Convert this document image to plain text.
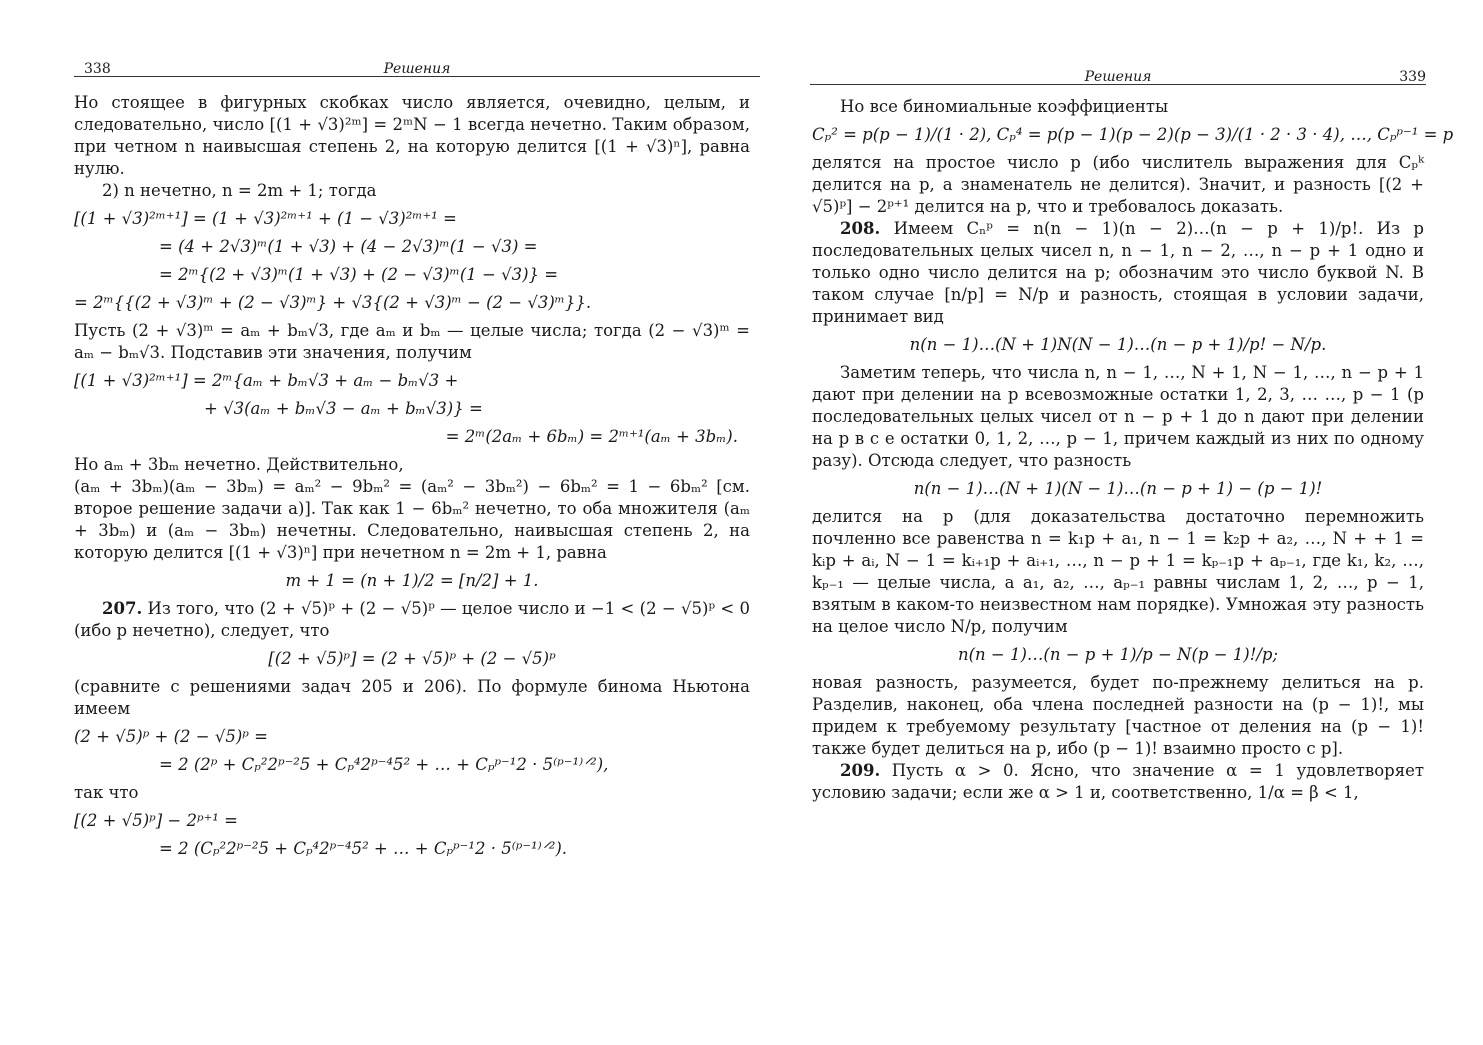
338	Решения

Но стоящее в фигурных скобках число является, очевидно, целым, и следовательно, число [(1 + √3)²ᵐ] = 2ᵐN − 1 всегда нечетно. Таким образом, при четном n наивысшая степень 2, на которую делится [(1 + √3)ⁿ], равна нулю.

2) n нечетно, n = 2m + 1; тогда

[(1 + √3)²ᵐ⁺¹] = (1 + √3)²ᵐ⁺¹ + (1 − √3)²ᵐ⁺¹ =
= (4 + 2√3)ᵐ(1 + √3) + (4 − 2√3)ᵐ(1 − √3) =
= 2ᵐ{(2 + √3)ᵐ(1 + √3) + (2 − √3)ᵐ(1 − √3)} =
= 2ᵐ{{(2 + √3)ᵐ + (2 − √3)ᵐ} + √3{(2 + √3)ᵐ − (2 − √3)ᵐ}}.

Пусть (2 + √3)ᵐ = aₘ + bₘ√3, где aₘ и bₘ — целые числа; тогда (2 − √3)ᵐ = aₘ − bₘ√3. Подставив эти значения, получим

[(1 + √3)²ᵐ⁺¹] = 2ᵐ{aₘ + bₘ√3 + aₘ − bₘ√3 +
+ √3(aₘ + bₘ√3 − aₘ + bₘ√3)} =
= 2ᵐ(2aₘ + 6bₘ) = 2ᵐ⁺¹(aₘ + 3bₘ).

Но aₘ + 3bₘ нечетно. Действительно,

(aₘ + 3bₘ)(aₘ − 3bₘ) = aₘ² − 9bₘ² = (aₘ² − 3bₘ²) − 6bₘ² = 1 − 6bₘ² [см. второе решение задачи а)]. Так как 1 − 6bₘ² нечетно, то оба множителя (aₘ + 3bₘ) и (aₘ − 3bₘ) нечетны. Следовательно, наивысшая степень 2, на которую делится [(1 + √3)ⁿ] при нечетном n = 2m + 1, равна

m + 1 = (n + 1)/2 = [n/2] + 1.

207. Из того, что (2 + √5)ᵖ + (2 − √5)ᵖ — целое число и −1 < (2 − √5)ᵖ < 0 (ибо p нечетно), следует, что

[(2 + √5)ᵖ] = (2 + √5)ᵖ + (2 − √5)ᵖ

(сравните с решениями задач 205 и 206). По формуле бинома Ньютона имеем

(2 + √5)ᵖ + (2 − √5)ᵖ =
= 2 (2ᵖ + Cₚ²2ᵖ⁻²5 + Cₚ⁴2ᵖ⁻⁴5² + … + Cₚᵖ⁻¹2 · 5⁽ᵖ⁻¹⁾ᐟ²),

так что

[(2 + √5)ᵖ] − 2ᵖ⁺¹ =
= 2 (Cₚ²2ᵖ⁻²5 + Cₚ⁴2ᵖ⁻⁴5² + … + Cₚᵖ⁻¹2 · 5⁽ᵖ⁻¹⁾ᐟ²).
Решения	339

Но все биномиальные коэффициенты

Cₚ² = p(p − 1)/(1 · 2), Cₚ⁴ = p(p − 1)(p − 2)(p − 3)/(1 · 2 · 3 · 4), …, Cₚᵖ⁻¹ = p

делятся на простое число p (ибо числитель выражения для Cₚᵏ делится на p, а знаменатель не делится). Значит, и разность [(2 + √5)ᵖ] − 2ᵖ⁺¹ делится на p, что и требовалось доказать.

208. Имеем Cₙᵖ = n(n − 1)(n − 2)…(n − p + 1)/p!. Из p последовательных целых чисел n, n − 1, n − 2, …, n − p + 1 одно и только одно число делится на p; обозначим это число буквой N. В таком случае [n/p] = N/p и разность, стоящая в условии задачи, принимает вид

n(n − 1)…(N + 1)N(N − 1)…(n − p + 1)/p! − N/p.

Заметим теперь, что числа n, n − 1, …, N + 1, N − 1, …, n − p + 1 дают при делении на p всевозможные остатки 1, 2, 3, … …, p − 1 (p последовательных целых чисел от n − p + 1 до n дают при делении на p в с е остатки 0, 1, 2, …, p − 1, причем каждый из них по одному разу). Отсюда следует, что разность

n(n − 1)…(N + 1)(N − 1)…(n − p + 1) − (p − 1)!

делится на p (для доказательства достаточно перемножить почленно все равенства n = k₁p + a₁, n − 1 = k₂p + a₂, …, N + + 1 = kᵢp + aᵢ, N − 1 = kᵢ₊₁p + aᵢ₊₁, …, n − p + 1 = kₚ₋₁p + aₚ₋₁, где k₁, k₂, …, kₚ₋₁ — целые числа, а a₁, a₂, …, aₚ₋₁ равны числам 1, 2, …, p − 1, взятым в каком-то неизвестном нам порядке). Умножая эту разность на целое число N/p, получим

n(n − 1)…(n − p + 1)/p − N(p − 1)!/p;

новая разность, разумеется, будет по-прежнему делиться на p. Разделив, наконец, оба члена последней разности на (p − 1)!, мы придем к требуемому результату [частное от деления на (p − 1)! также будет делиться на p, ибо (p − 1)! взаимно просто с p].

209. Пусть α > 0. Ясно, что значение α = 1 удовлетворяет условию задачи; если же α > 1 и, соответственно, 1/α = β < 1,
